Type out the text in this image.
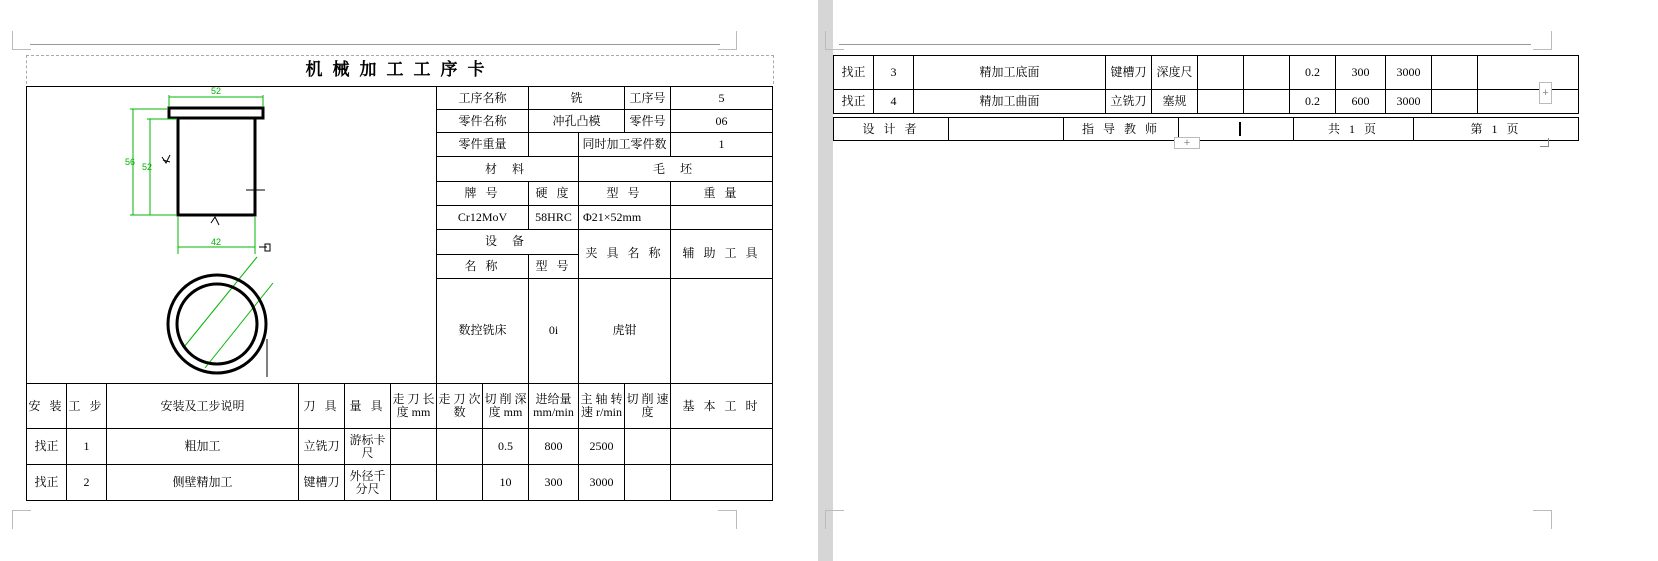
机械加工工序卡
52
56 52
42						工序名称		铣		工序号	5
						零件名称		冲孔凸模		零件号	06
						零件重量			同时加工零件数		1
						材 料			毛 坯		
						牌 号		硬 度	型 号		重 量
						Cr12MoV		58HRC	Φ21×52mm		
						设 备			夹 具 名 称		辅 助 工 具
						名 称		型 号			
						数控铣床		0i	虎钳		

安 装	工 步	安装及工步说明	刀 具	量 具	走 刀 长 度 mm	走 刀 次 数	切 削 深 度 mm	进给量 mm/min	主 轴 转 速 r/min	切 削 速 度	基 本 工 时
找正	1	粗加工	立铣刀	游标卡尺			0.5	800	2500		
找正	2	侧壁精加工	键槽刀	外径千分尺			10	300	3000		
找正	3	精加工底面	键槽刀	深度尺			0.2	300	3000		
找正	4	精加工曲面	立铣刀	塞规			0.2	600	3000		
设 计 者		指 导 教 师		共 1 页	第 1 页
+
+
